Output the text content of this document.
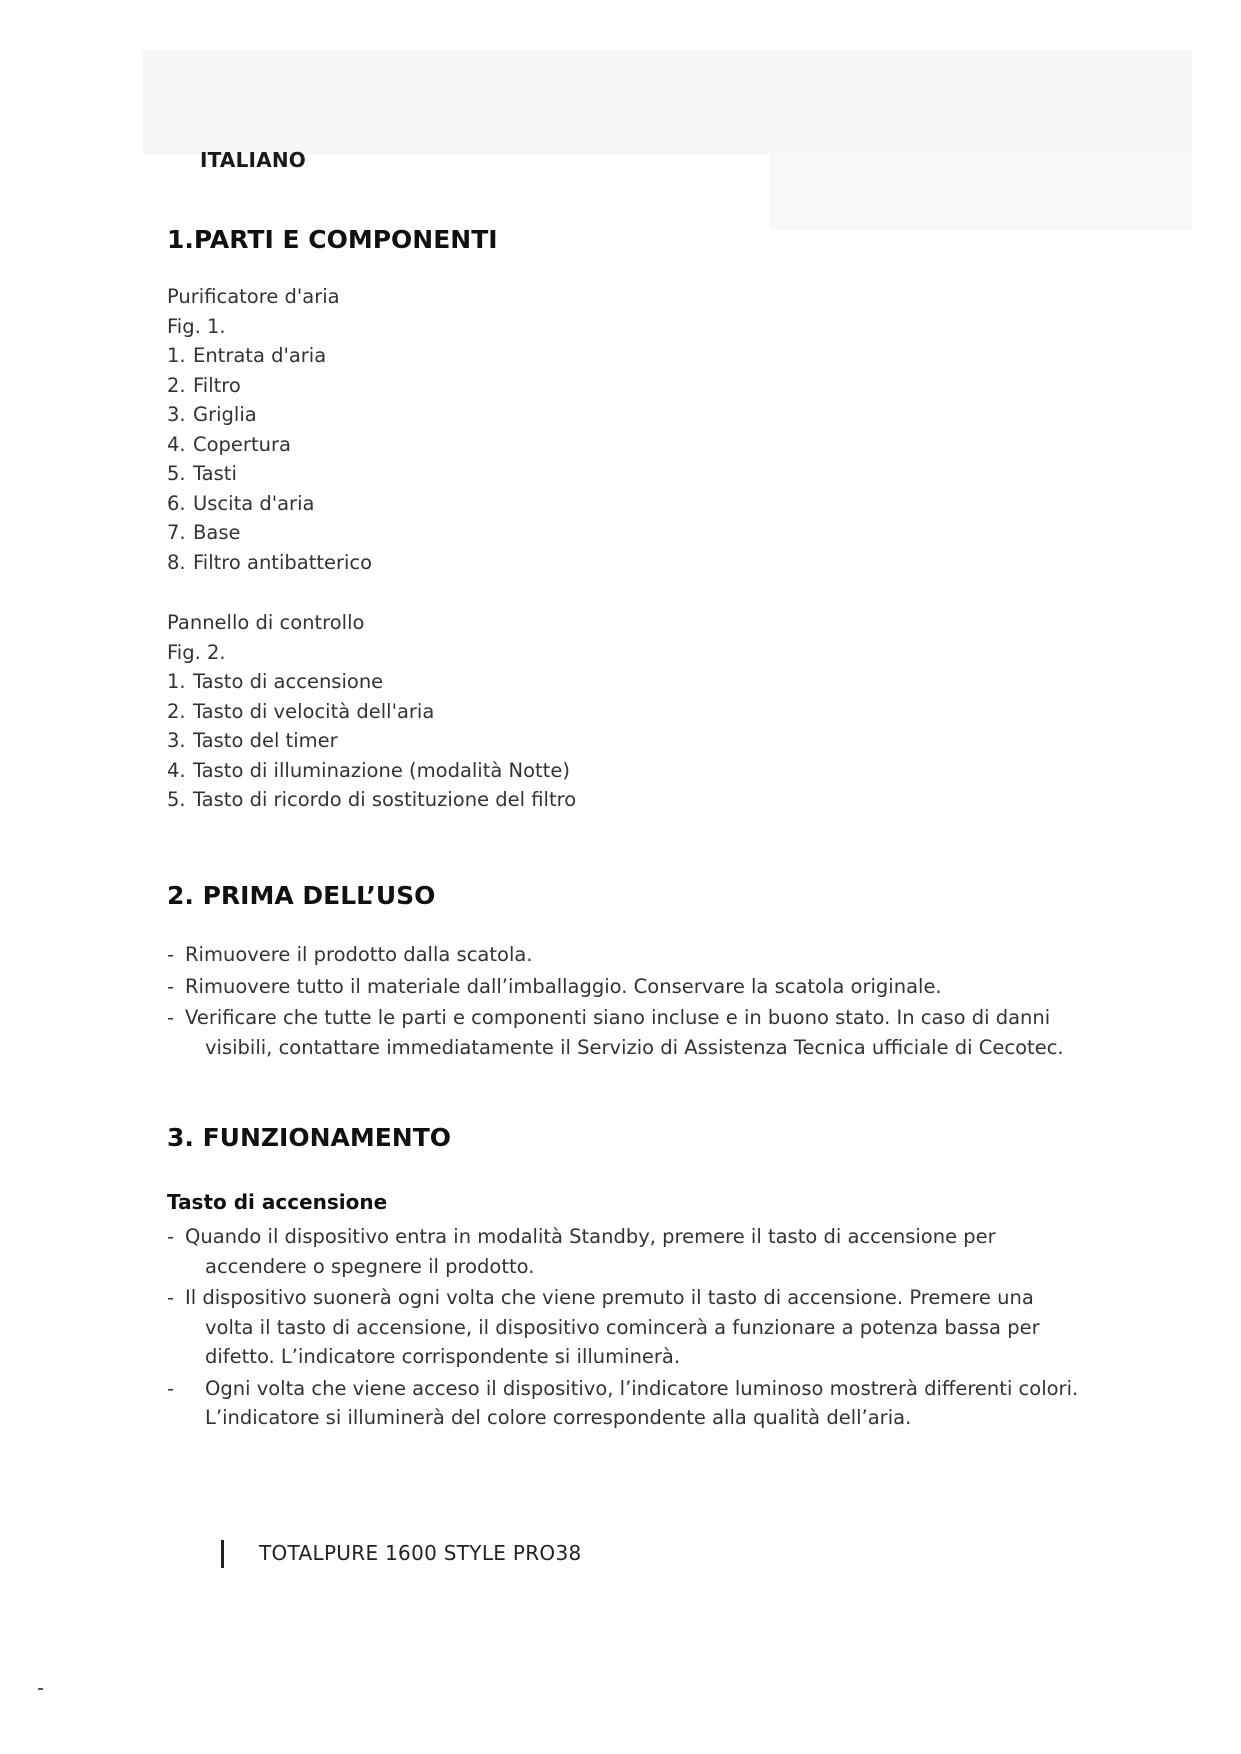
ITALIANO
1.PARTI E COMPONENTI
Purificatore d'aria
Fig. 1.
1. Entrata d'aria
2. Filtro
3. Griglia
4. Copertura
5. Tasti
6. Uscita d'aria
7. Base
8. Filtro antibatterico
Pannello di controllo
Fig. 2.
1. Tasto di accensione
2. Tasto di velocità dell'aria
3. Tasto del timer
4. Tasto di illuminazione (modalità Notte)
5. Tasto di ricordo di sostituzione del filtro
2. PRIMA DELL’USO
- Rimuovere il prodotto dalla scatola.
- Rimuovere tutto il materiale dall’imballaggio. Conservare la scatola originale.
- Verificare che tutte le parti e componenti siano incluse e in buono stato. In caso di danni visibili, contattare immediatamente il Servizio di Assistenza Tecnica ufficiale di Cecotec.
3. FUNZIONAMENTO
Tasto di accensione
- Quando il dispositivo entra in modalità Standby, premere il tasto di accensione per accendere o spegnere il prodotto.
- Il dispositivo suonerà ogni volta che viene premuto il tasto di accensione. Premere una volta il tasto di accensione, il dispositivo comincerà a funzionare a potenza bassa per difetto. L’indicatore corrispondente si illuminerà.
- Ogni volta che viene acceso il dispositivo, l’indicatore luminoso mostrerà differenti colori. L’indicatore si illuminerà del colore correspondente alla qualità dell’aria.
TOTALPURE 1600 STYLE PRO38
